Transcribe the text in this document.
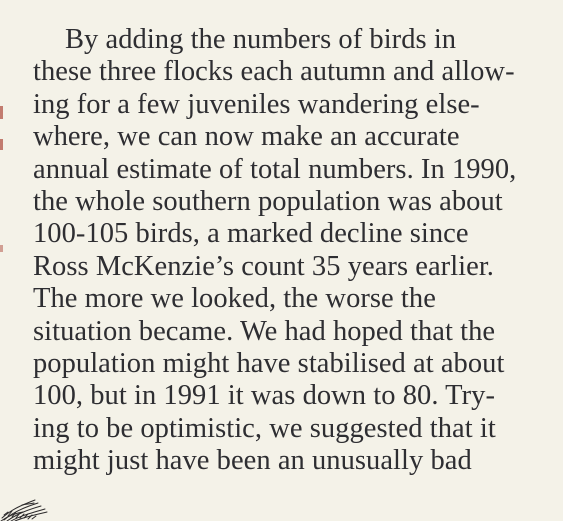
By adding the numbers of birds in
these three flocks each autumn and allow-
ing for a few juveniles wandering else-
where, we can now make an accurate
annual estimate of total numbers. In 1990,
the whole southern population was about
100-105 birds, a marked decline since
Ross McKenzie’s count 35 years earlier.
The more we looked, the worse the
situation became. We had hoped that the
population might have stabilised at about
100, but in 1991 it was down to 80. Try-
ing to be optimistic, we suggested that it
might just have been an unusually bad
